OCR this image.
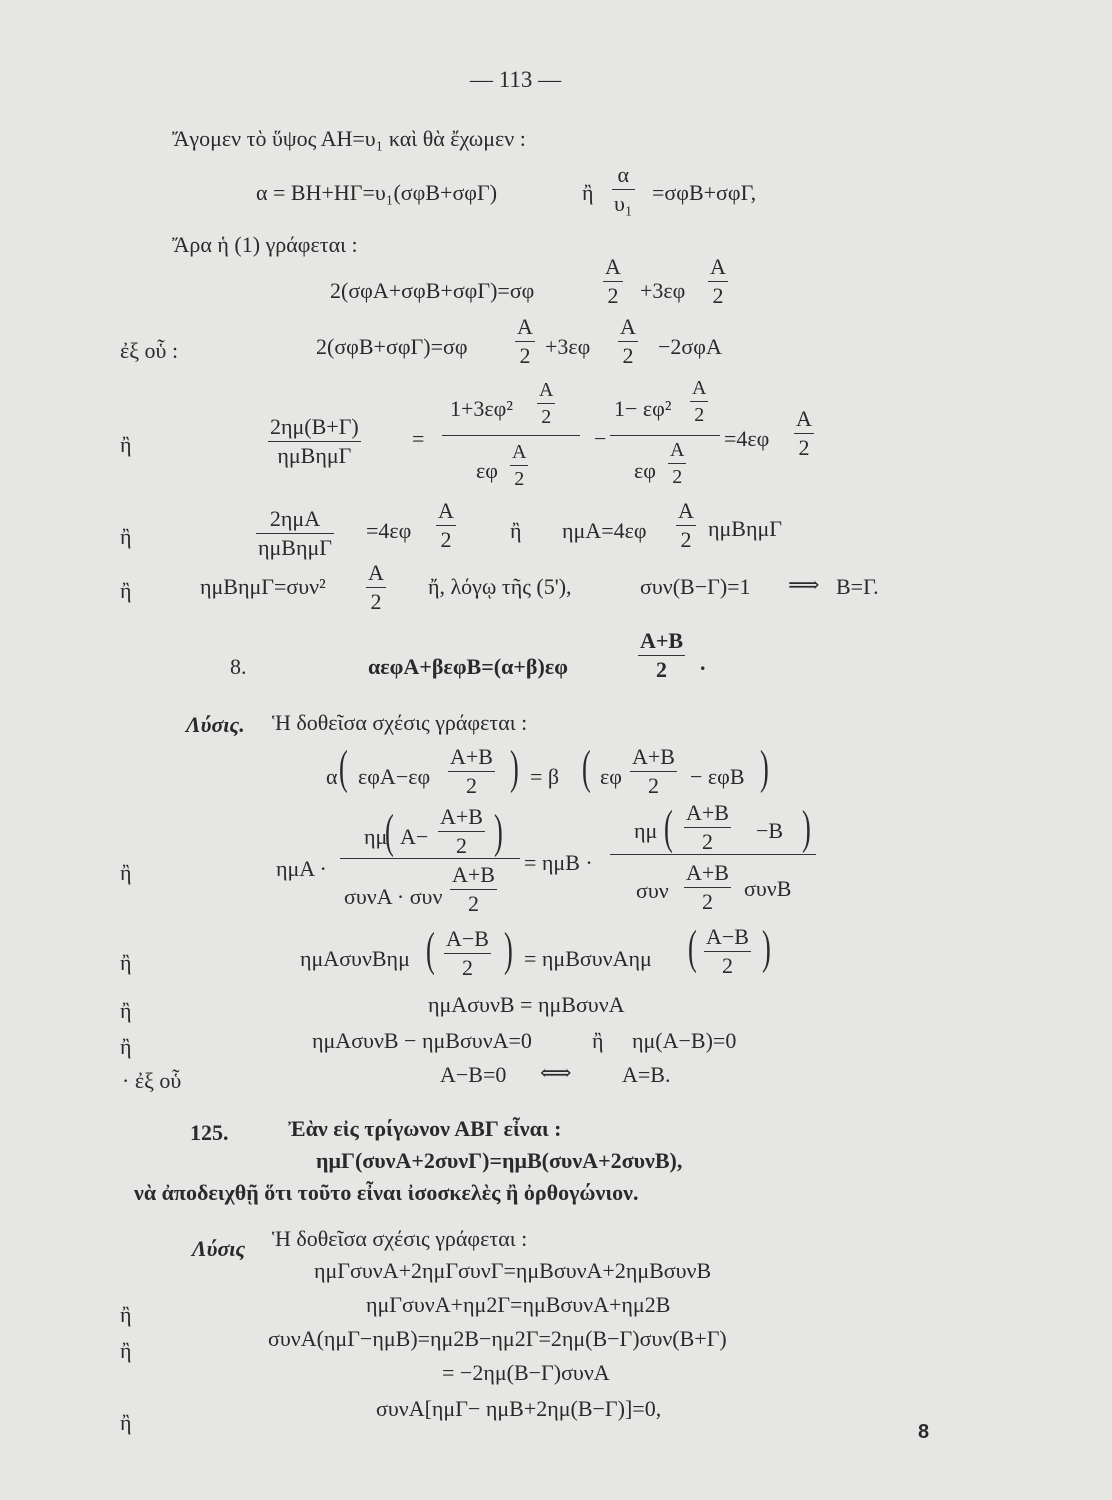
— 113 —
Ἄγομεν τὸ ὕψος ΑΗ=υ₁ καὶ θὰ ἔχωμεν :
α = ΒΗ+ΗΓ=υ₁(σφΒ+σφΓ)	ἢ $\frac{\alpha}{\text{υ₁}} =\sigma\varphi B+\sigma\varphi\Gamma$,
Ἄρα ἡ (1) γράφεται :
2(σφΑ+σφΒ+σφΓ)=σφ	$\frac{A}{2} +3\varepsilon\varphi \frac{A}{2}$
ἐξ οὗ :	$2(\sigma\varphi B+\sigma\varphi\Gamma)=\sigma\varphi \frac{A}{2} +3\varepsilon\varphi \frac{A}{2} -2\sigma\varphi A$
ἢ
2ημ(Β+Γ)
ημΒημΓ
=
$1+3\varepsilon\varphi^2 \frac{A}{2}$
εφ $\frac{A}{2}$
−
$1- \varepsilon\varphi^2 \frac{A}{2}$
εφ $\frac{A}{2}$
$=4\varepsilon\varphi \frac{A}{2}$
ἢ
2ημΑ
ημΒημΓ
$=4\varepsilon\varphi \frac{A}{2}$ ἢ $\eta\mu A=4\varepsilon\varphi \frac{A}{2}$ ημΒημΓ
ἢ	$\eta\mu B\eta\mu\Gamma=\sigma\upsilon\nu^2 \frac{A}{2}$ ἤ, λόγῳ τῆς (5'),	συν(Β−Γ)=1 ⟹ Β=Γ.
8.	αεφΑ+βεφΒ=(α+β)εφ	$\frac{A+B}{2}$ .
Λύσις. Ἡ δοθεῖσα σχέσις γράφεται :
α ( $\varepsilon\varphi A-\varepsilon\varphi \frac{A+B}{2}$ ) = β ( εφ $\frac{A+B}{2} - \varepsilon\varphi B$ )
ἢ	ημΑ ·
ημ
( $A- \frac{A+B}{2}$ )
συνΑ · συν $\frac{A+B}{2}$
= ημΒ ·
ημ ( $\frac{A+B}{2} -B$ )
συν $\frac{A+B}{2}$ συνΒ
ἢ	ημΑσυνΒημ ( $\frac{A-B}{2}$ ) = ημΒσυνΑημ ( $\frac{A-B}{2}$ )
ἢ	ημΑσυνΒ = ημΒσυνΑ
ἢ	ημΑσυνΒ − ημΒσυνΑ=0	ἢ ημ(Α−Β)=0
· ἐξ οὗ	Α−Β=0 ⟺ Α=Β.
125.	Ἐὰν εἰς τρίγωνον ΑΒΓ εἶναι :
ημΓ(συνΑ+2συνΓ)=ημΒ(συνΑ+2συνΒ),
νὰ ἀποδειχθῇ ὅτι τοῦτο εἶναι ἰσοσκελὲς ἢ ὀρθογώνιον.
Λύσις Ἡ δοθεῖσα σχέσις γράφεται :
ημΓσυνΑ+2ημΓσυνΓ=ημΒσυνΑ+2ημΒσυνΒ
ἢ	ημΓσυνΑ+ημ2Γ=ημΒσυνΑ+ημ2Β
ἢ	συνΑ(ημΓ−ημΒ)=ημ2Β−ημ2Γ=2ημ(Β−Γ)συν(Β+Γ)
= −2ημ(Β−Γ)συνΑ
ἢ
συνΑ[ημΓ− ημΒ+2ημ(Β−Γ)]=0,
8
